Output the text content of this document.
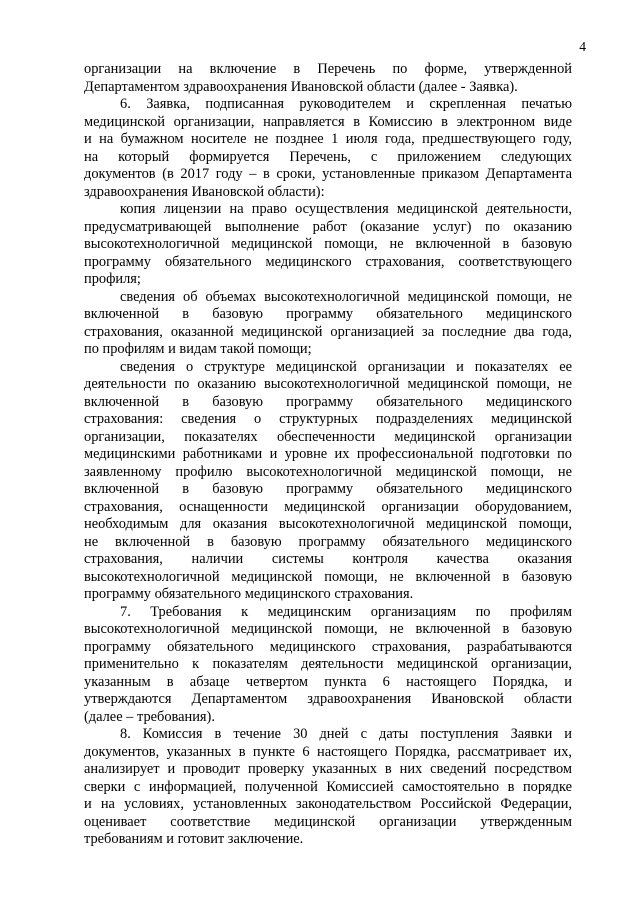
4
организации на включение в Перечень по форме, утвержденной
Департаментом здравоохранения Ивановской области (далее - Заявка).
6. Заявка, подписанная руководителем и скрепленная печатью
медицинской организации, направляется в Комиссию в электронном виде
и на бумажном носителе не позднее 1 июля года, предшествующего году,
на который формируется Перечень, с приложением следующих
документов (в 2017 году – в сроки, установленные приказом Департамента
здравоохранения Ивановской области):
копия лицензии на право осуществления медицинской деятельности,
предусматривающей выполнение работ (оказание услуг) по оказанию
высокотехнологичной медицинской помощи, не включенной в базовую
программу обязательного медицинского страхования, соответствующего
профиля;
сведения об объемах высокотехнологичной медицинской помощи, не
включенной в базовую программу обязательного медицинского
страхования, оказанной медицинской организацией за последние два года,
по профилям и видам такой помощи;
сведения о структуре медицинской организации и показателях ее
деятельности по оказанию высокотехнологичной медицинской помощи, не
включенной в базовую программу обязательного медицинского
страхования: сведения о структурных подразделениях медицинской
организации, показателях обеспеченности медицинской организации
медицинскими работниками и уровне их профессиональной подготовки по
заявленному профилю высокотехнологичной медицинской помощи, не
включенной в базовую программу обязательного медицинского
страхования, оснащенности медицинской организации оборудованием,
необходимым для оказания высокотехнологичной медицинской помощи,
не включенной в базовую программу обязательного медицинского
страхования, наличии системы контроля качества оказания
высокотехнологичной медицинской помощи, не включенной в базовую
программу обязательного медицинского страхования.
7. Требования к медицинским организациям по профилям
высокотехнологичной медицинской помощи, не включенной в базовую
программу обязательного медицинского страхования, разрабатываются
применительно к показателям деятельности медицинской организации,
указанным в абзаце четвертом пункта 6 настоящего Порядка, и
утверждаются Департаментом здравоохранения Ивановской области
(далее – требования).
8. Комиссия в течение 30 дней с даты поступления Заявки и
документов, указанных в пункте 6 настоящего Порядка, рассматривает их,
анализирует и проводит проверку указанных в них сведений посредством
сверки с информацией, полученной Комиссией самостоятельно в порядке
и на условиях, установленных законодательством Российской Федерации,
оценивает соответствие медицинской организации утвержденным
требованиям и готовит заключение.
